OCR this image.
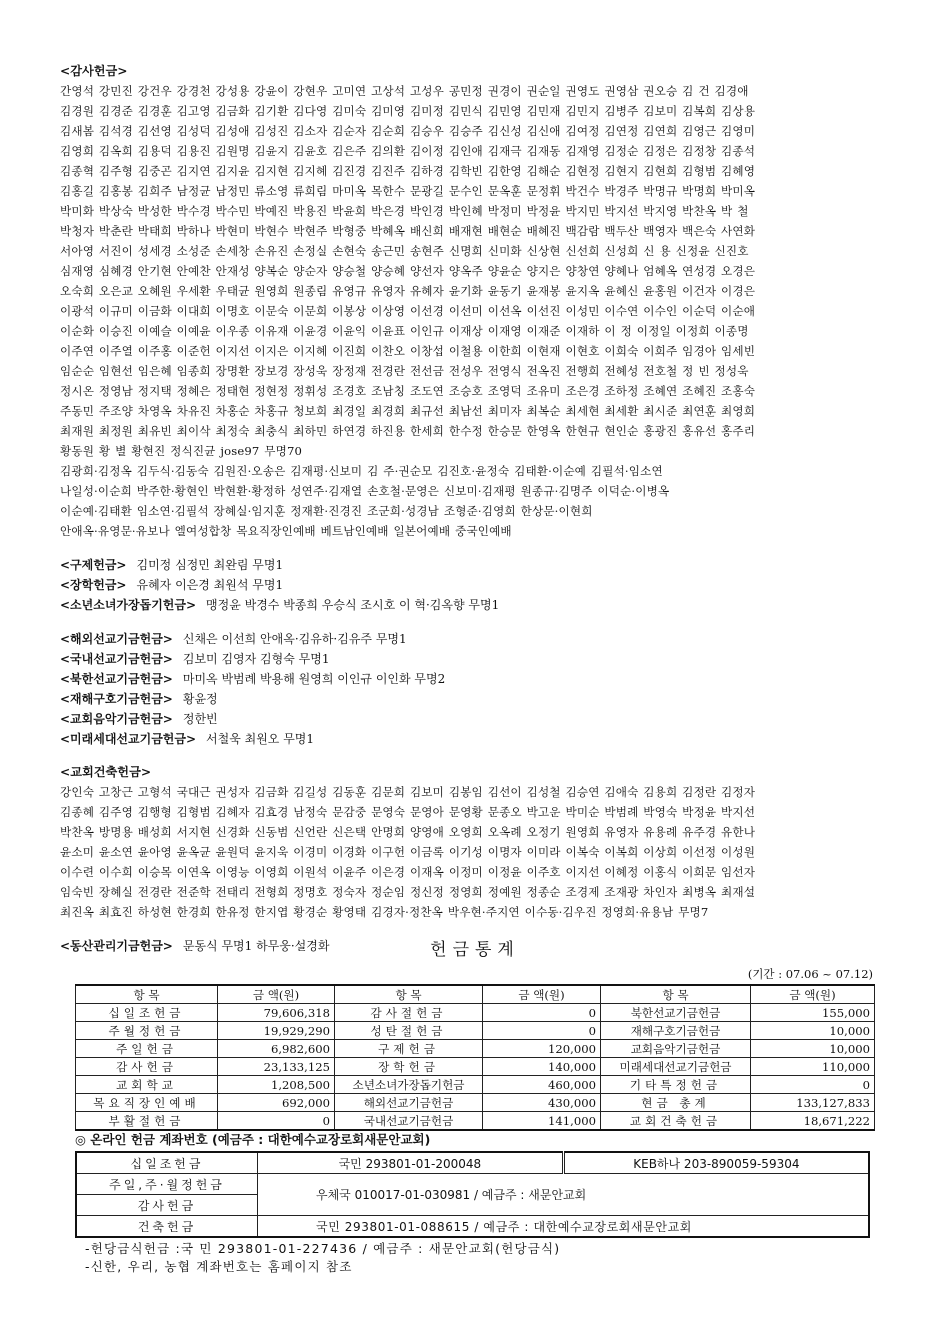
<감사헌금>

간영석 강민진 강건우 강경천 강성용 강윤이 강현우 고미연 고상석 고성우 공민정 권경이 권순일 권영도 권영삼 권오승 김 건 김경애

김경원 김경준 김경훈 김고영 김금화 김기환 김다영 김미숙 김미영 김미정 김민식 김민영 김민재 김민지 김병주 김보미 김복희 김상용

김새봄 김석경 김선영 김성덕 김성애 김성진 김소자 김순자 김순희 김승우 김승주 김신성 김신애 김여정 김연정 김연희 김영근 김영미

김영희 김옥희 김용덕 김용진 김원명 김윤지 김윤호 김은주 김의환 김이정 김인애 김재극 김재동 김재영 김정순 김정은 김정창 김종석

김종혁 김주형 김중곤 김지연 김지윤 김지현 김지혜 김진경 김진주 김하경 김학빈 김한영 김해순 김현정 김현지 김현희 김형범 김혜영

김홍길 김홍봉 김희주 남정균 남정민 류소영 류희림 마미옥 목한수 문광길 문수인 문옥훈 문정휘 박건수 박경주 박명규 박명희 박미옥

박미화 박상숙 박성한 박수경 박수민 박예진 박용진 박윤희 박은경 박인경 박인혜 박정미 박정윤 박지민 박지선 박지영 박찬옥 박 철

박청자 박춘란 박태희 박하나 박현미 박현수 박현주 박형중 박혜옥 배신희 배재현 배현순 배혜진 백감람 백두산 백영자 백은숙 사연화

서아영 서진이 성세경 소성준 손세창 손유진 손정실 손현숙 송근민 송현주 신명희 신미화 신상현 신선희 신성희 신 용 신정윤 신진호

심재영 심혜경 안기현 안예찬 안재성 양복순 양순자 양승철 양승혜 양선자 양옥주 양윤순 양지은 양창연 양혜나 엄혜옥 연성경 오경은

오숙희 오은교 오혜원 우세환 우태균 원영희 원종림 유영규 유영자 유혜자 윤기화 윤동기 윤재봉 윤지옥 윤혜신 윤홍원 이건자 이경은

이광석 이규미 이금화 이대희 이명호 이문숙 이문희 이봉상 이상영 이선경 이선미 이선옥 이선진 이성민 이수연 이수인 이순덕 이순애

이순화 이승진 이예슬 이예윤 이우종 이유재 이윤경 이윤익 이윤표 이인규 이재상 이재영 이재준 이재하 이 정 이정일 이정희 이종명

이주연 이주열 이주홍 이준헌 이지선 이지은 이지혜 이진희 이찬오 이창섭 이철용 이한희 이현재 이현호 이희숙 이희주 임경아 임세빈

임순순 임현선 임은혜 임종희 장명환 장보경 장성욱 장정재 전경란 전선금 전성우 전영식 전옥진 전행희 전혜성 전호철 정 빈 정성욱

정시온 정영남 정지택 정혜은 정태현 정현정 정휘성 조경호 조남칭 조도연 조승호 조영덕 조유미 조은경 조하정 조혜연 조혜진 조홍숙

주동민 주조양 차영옥 차유진 차홍순 차홍규 청보희 최경일 최경희 최규선 최남선 최미자 최복순 최세현 최세환 최시준 최연훈 최영희

최재원 최정원 최유빈 최이삭 최정숙 최충식 최하민 하연경 하진용 한세희 한수정 한승문 한영옥 한현규 현인순 홍광진 홍유선 홍주리

황동원 황 별 황현진 정식진균 jose97 무명70

김광희·김정옥 김두식·김동숙 김원진·오송은 김재평·신보미 김 주·권순모 김진호·윤정숙 김태환·이순예 김필석·임소연

나일성·이순희 박주한·황현인 박현환·황정하 성연주·김재열 손호철·문영은 신보미·김재평 원종규·김명주 이덕순·이병옥

이순예·김태환 임소연·김필석 장혜실·임지훈 정재환·진경진 조군희·성경남 조형준·김영희 한상문·이현희

안애옥·유영문·유보나 엘여성합창 목요직장인예배 베트남인예배 일본어예배 중국인예배

<구제헌금> 김미정 심정민 최완림 무명1
<장학헌금> 유혜자 이은경 최원석 무명1
<소년소녀가장돕기헌금> 맹정윤 박경수 박종희 우승식 조시호 이 혁·김옥향 무명1
<해외선교기금헌금> 신채은 이선희 안애옥·김유하·김유주 무명1
<국내선교기금헌금> 김보미 김영자 김형숙 무명1
<북한선교기금헌금> 마미옥 박범례 박용해 원영희 이인규 이인화 무명2
<재해구호기금헌금> 황윤정
<교회음악기금헌금> 정한빈
<미래세대선교기금헌금> 서철욱 최원오 무명1
<교회건축헌금>

강인숙 고창근 고형석 국대근 권성자 김금화 김길성 김동훈 김문희 김보미 김봉임 김선이 김성철 김승연 김애숙 김용희 김정란 김정자

김종혜 김주영 김행형 김형범 김혜자 김효경 남정숙 문감중 문영숙 문영아 문영황 문종오 박고운 박미순 박범례 박영숙 박정윤 박지선

박찬옥 방명용 배성희 서지현 신경화 신동범 신언란 신은택 안명희 양영애 오영희 오옥례 오정기 원영희 유영자 유용례 유주경 유한나

윤소미 윤소연 윤아영 윤옥균 윤원덕 윤지욱 이경미 이경화 이구헌 이금록 이기성 이명자 이미라 이복숙 이복희 이상희 이선정 이성원

이수련 이수희 이승목 이연옥 이영능 이영희 이원석 이윤주 이은경 이재옥 이정미 이정윤 이주호 이지선 이혜정 이홍식 이희문 임선자

임숙빈 장혜실 전경란 전준학 전태리 전형희 정명호 정숙자 정순임 정신정 정영희 정예원 정종순 조경제 조재광 차인자 최병옥 최재설

최진옥 최효진 하성현 한경희 한유정 한지엽 황경순 황영태 김경자·정찬옥 박우현·주지연 이수동·김우진 정영희·유용남 무명7

<동산관리기금헌금> 문동식 무명1 하무웅·설경화	헌금통계
(기간 : 07.06 ~ 07.12)
항 목	금 액(원)	항 목	금 액(원)	항 목	금 액(원)
십일조헌금	79,606,318	감사절헌금	0	북한선교기금헌금	155,000
주월정헌금	19,929,290	성탄절헌금	0	재해구호기금헌금	10,000
주일헌금	6,982,600	구제헌금	120,000	교회음악기금헌금	10,000
감사헌금	23,133,125	장학헌금	140,000	미래세대선교기금헌금	110,000
교회학교	1,208,500	소년소녀가장돕기헌금	460,000	기타특정헌금	0
목요직장인예배	692,000	해외선교기금헌금	430,000	현금 총계	133,127,833
부활절헌금	0	국내선교기금헌금	141,000	교회건축헌금	18,671,222
◎ 온라인 헌금 계좌번호 (예금주 : 대한예수교장로회새문안교회)
십일조헌금	국민 293801-01-200048	KEB하나 203-890059-59304
주일,주·월정헌금	우체국 010017-01-030981 / 예금주 : 새문안교회	
감사헌금		
건축헌금	국민 293801-01-088615 / 예금주 : 대한예수교장로회새문안교회	
-헌당금식헌금 :국 민 293801-01-227436 / 예금주 : 새문안교회(헌당금식)
-신한, 우리, 농협 계좌번호는 홈페이지 참조
